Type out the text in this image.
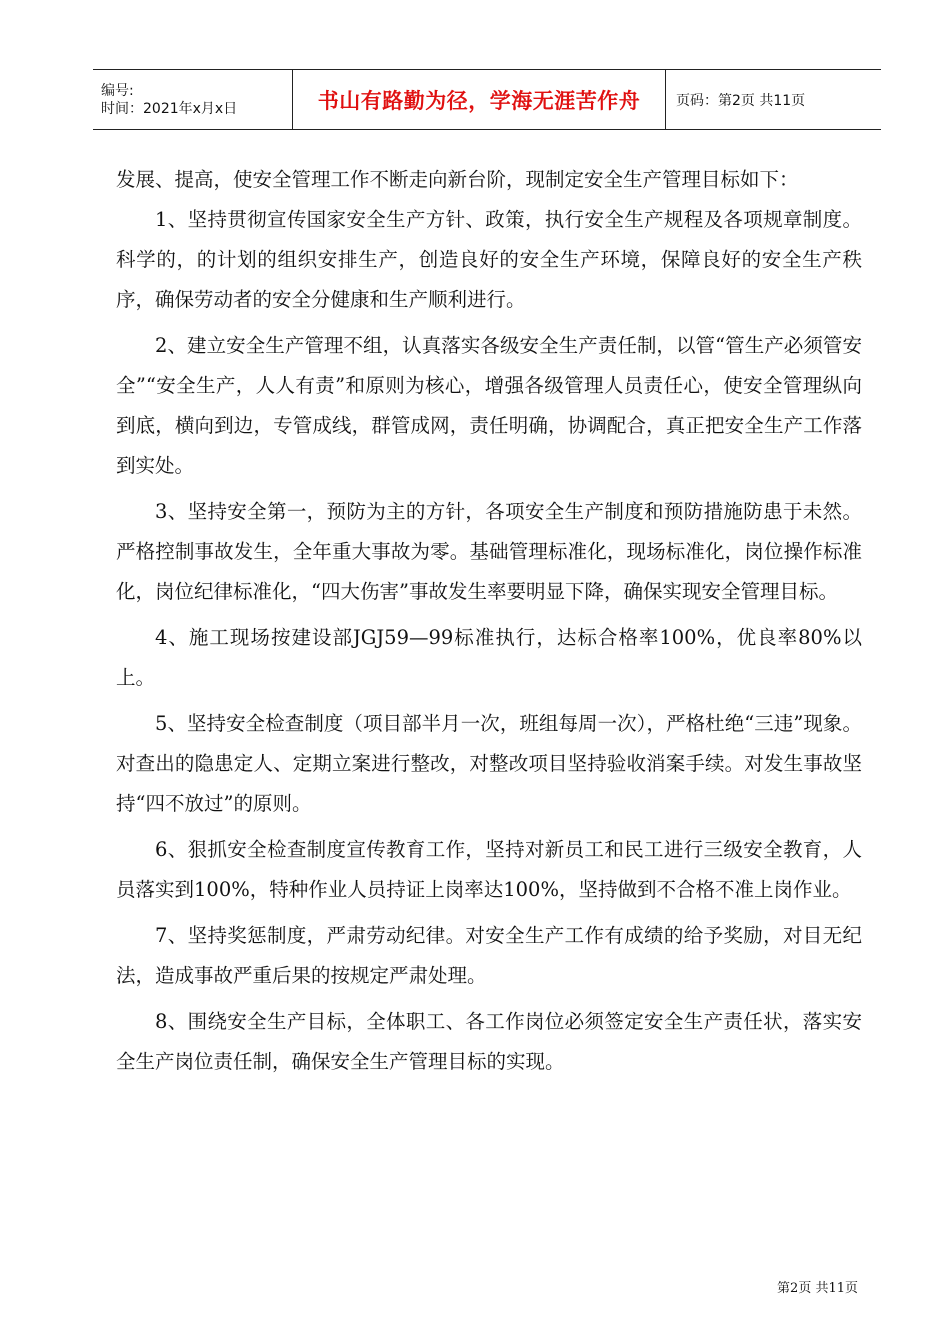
编号:
时间：2021年x月x日	书山有路勤为径，学海无涯苦作舟	页码：第2页 共11页

发展、提高，使安全管理工作不断走向新台阶，现制定安全生产管理目标如下：

1、坚持贯彻宣传国家安全生产方针、政策，执行安全生产规程及各项规章制度。科学的，的计划的组织安排生产，创造良好的安全生产环境，保障良好的安全生产秩序，确保劳动者的安全分健康和生产顺利进行。

2、建立安全生产管理不组，认真落实各级安全生产责任制，以管“管生产必须管安全”“安全生产，人人有责”和原则为核心，增强各级管理人员责任心，使安全管理纵向到底，横向到边，专管成线，群管成网，责任明确，协调配合，真正把安全生产工作落到实处。

3、坚持安全第一，预防为主的方针，各项安全生产制度和预防措施防患于未然。严格控制事故发生，全年重大事故为零。基础管理标准化，现场标准化，岗位操作标准化，岗位纪律标准化，“四大伤害”事故发生率要明显下降，确保实现安全管理目标。

4、施工现场按建设部JGJ59—99标准执行，达标合格率100%，优良率80%以上。

5、坚持安全检查制度（项目部半月一次，班组每周一次），严格杜绝“三违”现象。对查出的隐患定人、定期立案进行整改，对整改项目坚持验收消案手续。对发生事故坚持“四不放过”的原则。

6、狠抓安全检查制度宣传教育工作，坚持对新员工和民工进行三级安全教育，人员落实到100%，特种作业人员持证上岗率达100%，坚持做到不合格不准上岗作业。

7、坚持奖惩制度，严肃劳动纪律。对安全生产工作有成绩的给予奖励，对目无纪法，造成事故严重后果的按规定严肃处理。

8、围绕安全生产目标，全体职工、各工作岗位必须签定安全生产责任状，落实安全生产岗位责任制，确保安全生产管理目标的实现。

第2页 共11页
